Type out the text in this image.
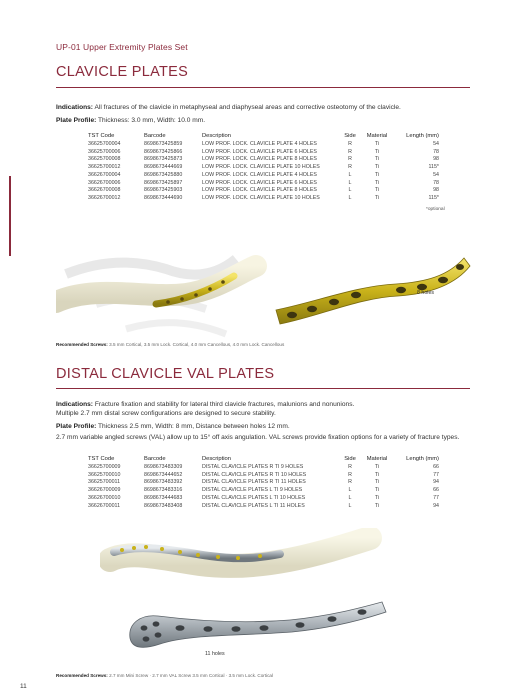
UP-01 Upper Extremity Plates Set
CLAVICLE PLATES
Indications: All fractures of the clavicle in metaphyseal and diaphyseal areas and corrective osteotomy of the clavicle.
Plate Profile: Thickness: 3.0 mm, Width: 10.0 mm.
TST Code	Barcode	Description	Side	Material	Length (mm)
36625700004	8698673425859	LOW PROF. LOCK. CLAVICLE PLATE 4 HOLES	R	Ti	54
36625700006	8698673425866	LOW PROF. LOCK. CLAVICLE PLATE 6 HOLES	R	Ti	78
36625700008	8698673425873	LOW PROF. LOCK. CLAVICLE PLATE 8 HOLES	R	Ti	98
36625700012	8698673444669	LOW PROF. LOCK. CLAVICLE PLATE 10 HOLES	R	Ti	115*
36626700004	8698673425880	LOW PROF. LOCK. CLAVICLE PLATE 4 HOLES	L	Ti	54
36626700006	8698673425897	LOW PROF. LOCK. CLAVICLE PLATE 6 HOLES	L	Ti	78
36626700008	8698673425903	LOW PROF. LOCK. CLAVICLE PLATE 8 HOLES	L	Ti	98
36626700012	8698673444690	LOW PROF. LOCK. CLAVICLE PLATE 10 HOLES	L	Ti	115*
*optional
8 holes
Recommended Screws: 3.5 mm Cortical, 3.5 mm Lock. Cortical, 4.0 mm Cancellous, 4.0 mm Lock. Cancellous
DISTAL CLAVICLE VAL PLATES
Indications: Fracture fixation and stability for lateral third clavicle fractures, malunions and nonunions.
Multiple 2.7 mm distal screw configurations are designed to secure stability.
Plate Profile: Thickness 2.5 mm, Width: 8 mm, Distance between holes 12 mm.
2.7 mm variable angled screws (VAL) allow up to 15° off axis angulation. VAL screws provide fixation options for a variety of fracture types.
TST Code	Barcode	Description	Side	Material	Length (mm)
36625700009	8698673483309	DISTAL CLAVICLE PLATES R TI 9 HOLES	R	Ti	66
36625700010	8698673444652	DISTAL CLAVICLE PLATES R TI 10 HOLES	R	Ti	77
36625700011	8698673483392	DISTAL CLAVICLE PLATES R TI 11 HOLES	R	Ti	94
36626700009	8698673483316	DISTAL CLAVICLE PLATES L TI 9 HOLES	L	Ti	66
36626700010	8698673444683	DISTAL CLAVICLE PLATES L TI 10 HOLES	L	Ti	77
36626700011	8698673483408	DISTAL CLAVICLE PLATES L TI 11 HOLES	L	Ti	94
11 holes
Recommended Screws: 2.7 mm Mini Screw · 2.7 mm VAL Screw 3.5 mm Cortical · 3.5 mm Lock. Cortical
11
